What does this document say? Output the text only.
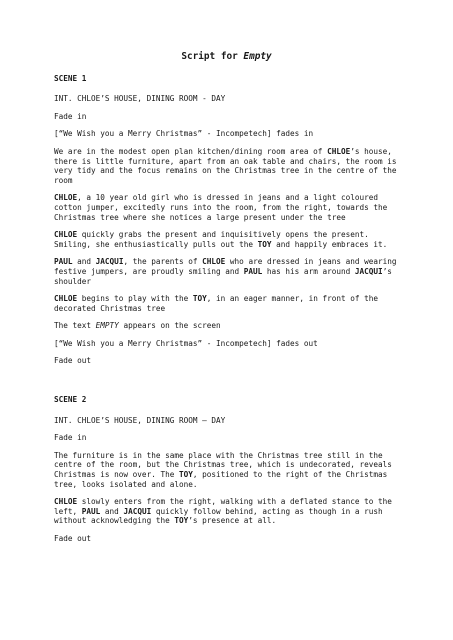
Script for Empty
SCENE 1
INT. CHLOE’S HOUSE, DINING ROOM - DAY
Fade in
[“We Wish you a Merry Christmas” - Incompetech] fades in
We are in the modest open plan kitchen/dining room area of CHLOE’s house, there is little furniture, apart from an oak table and chairs, the room is very tidy and the focus remains on the Christmas tree in the centre of the room
CHLOE, a 10 year old girl who is dressed in jeans and a light coloured cotton jumper, excitedly runs into the room, from the right, towards the Christmas tree where she notices a large present under the tree
CHLOE quickly grabs the present and inquisitively opens the present. Smiling, she enthusiastically pulls out the TOY and happily embraces it.
PAUL and JACQUI, the parents of CHLOE who are dressed in jeans and wearing festive jumpers, are proudly smiling and PAUL has his arm around JACQUI’s shoulder
CHLOE begins to play with the TOY, in an eager manner, in front of the decorated Christmas tree
The text EMPTY appears on the screen
[“We Wish you a Merry Christmas” - Incompetech] fades out
Fade out
SCENE 2
INT. CHLOE’S HOUSE, DINING ROOM – DAY
Fade in
The furniture is in the same place with the Christmas tree still in the centre of the room, but the Christmas tree, which is undecorated, reveals Christmas is now over. The TOY, positioned to the right of the Christmas tree, looks isolated and alone.
CHLOE slowly enters from the right, walking with a deflated stance to the left, PAUL and JACQUI quickly follow behind, acting as though in a rush without acknowledging the TOY’s presence at all.
Fade out
